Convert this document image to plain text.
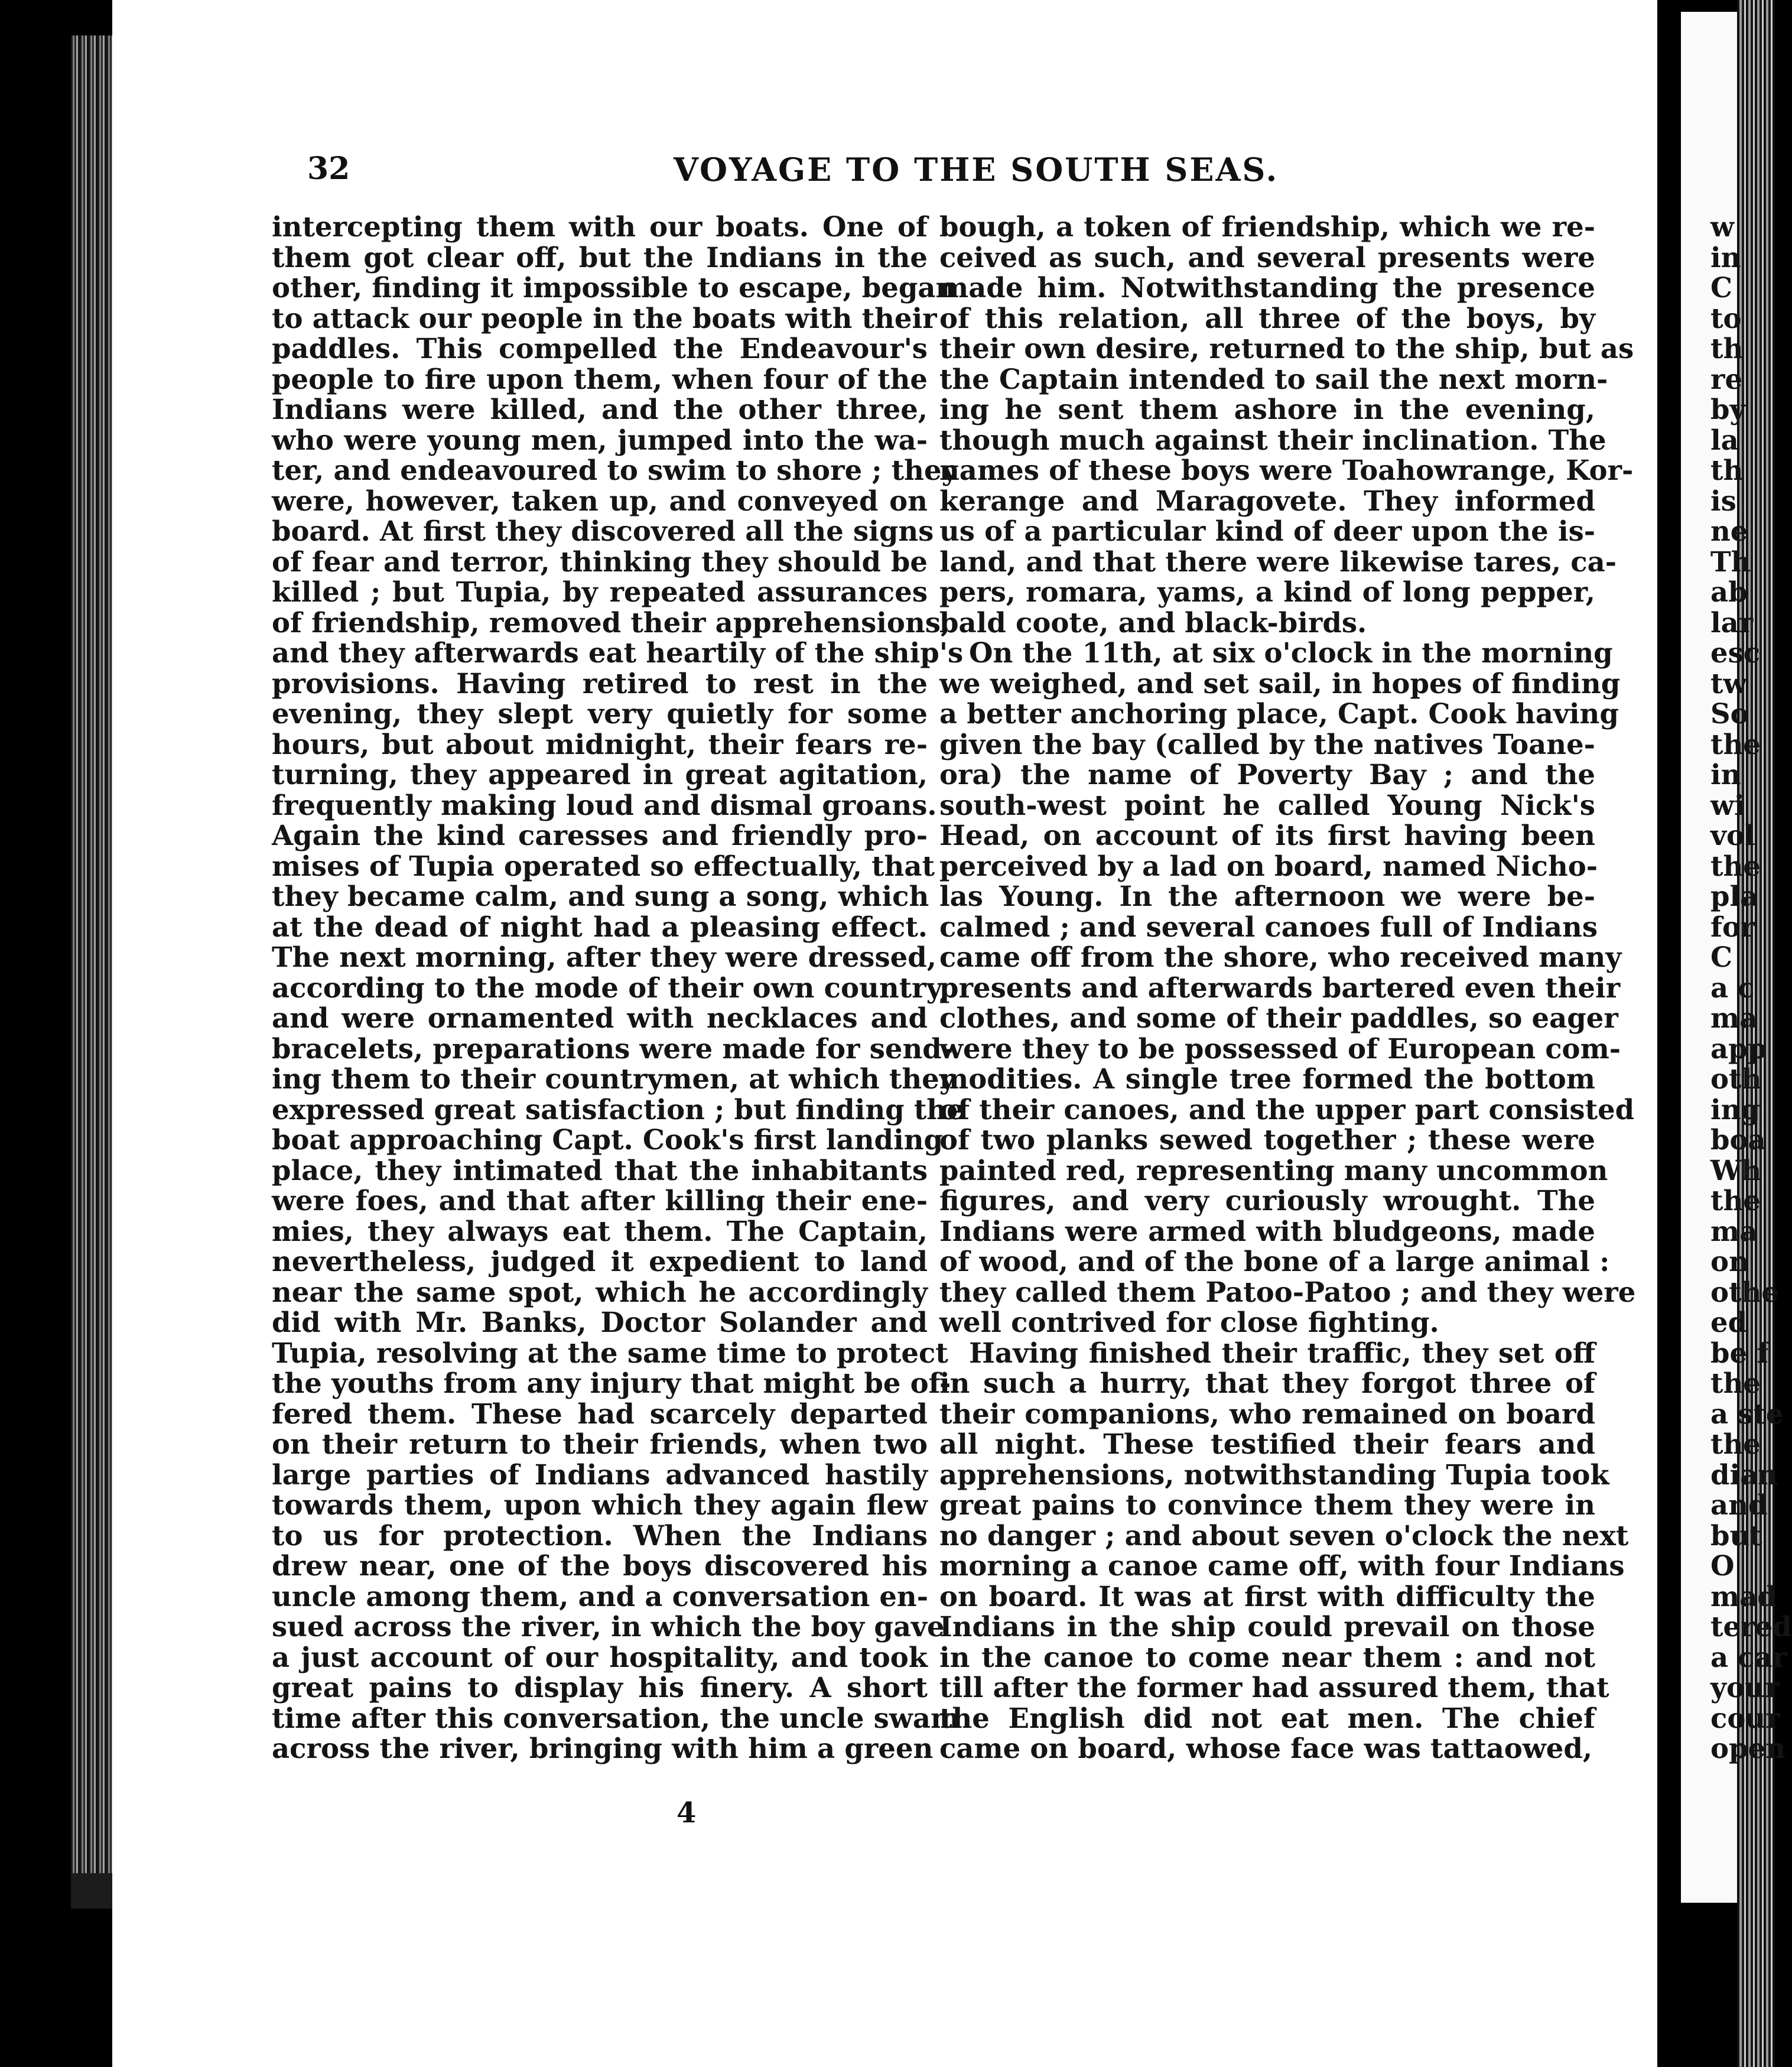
32	VOYAGE TO THE SOUTH SEAS.
intercepting them with our boats. One of
them got clear off, but the Indians in the
other, finding it impossible to escape, began
to attack our people in the boats with their
paddles. This compelled the Endeavour's
people to fire upon them, when four of the
Indians were killed, and the other three,
who were young men, jumped into the wa-
ter, and endeavoured to swim to shore ; they
were, however, taken up, and conveyed on
board. At first they discovered all the signs
of fear and terror, thinking they should be
killed ; but Tupia, by repeated assurances
of friendship, removed their apprehensions,
and they afterwards eat heartily of the ship's
provisions. Having retired to rest in the
evening, they slept very quietly for some
hours, but about midnight, their fears re-
turning, they appeared in great agitation,
frequently making loud and dismal groans.
Again the kind caresses and friendly pro-
mises of Tupia operated so effectually, that
they became calm, and sung a song, which
at the dead of night had a pleasing effect.
The next morning, after they were dressed,
according to the mode of their own country,
and were ornamented with necklaces and
bracelets, preparations were made for send-
ing them to their countrymen, at which they
expressed great satisfaction ; but finding the
boat approaching Capt. Cook's first landing
place, they intimated that the inhabitants
were foes, and that after killing their ene-
mies, they always eat them. The Captain,
nevertheless, judged it expedient to land
near the same spot, which he accordingly
did with Mr. Banks, Doctor Solander and
Tupia, resolving at the same time to protect
the youths from any injury that might be of-
fered them. These had scarcely departed
on their return to their friends, when two
large parties of Indians advanced hastily
towards them, upon which they again flew
to us for protection. When the Indians
drew near, one of the boys discovered his
uncle among them, and a conversation en-
sued across the river, in which the boy gave
a just account of our hospitality, and took
great pains to display his finery. A short
time after this conversation, the uncle swam
across the river, bringing with him a green
bough, a token of friendship, which we re-
ceived as such, and several presents were
made him. Notwithstanding the presence
of this relation, all three of the boys, by
their own desire, returned to the ship, but as
the Captain intended to sail the next morn-
ing he sent them ashore in the evening,
though much against their inclination. The
names of these boys were Toahowrange, Kor-
kerange and Maragovete. They informed
us of a particular kind of deer upon the is-
land, and that there were likewise tares, ca-
pers, romara, yams, a kind of long pepper,
bald coote, and black-birds.
On the 11th, at six o'clock in the morning
we weighed, and set sail, in hopes of finding
a better anchoring place, Capt. Cook having
given the bay (called by the natives Toane-
ora) the name of Poverty Bay ; and the
south-west point he called Young Nick's
Head, on account of its first having been
perceived by a lad on board, named Nicho-
las Young. In the afternoon we were be-
calmed ; and several canoes full of Indians
came off from the shore, who received many
presents and afterwards bartered even their
clothes, and some of their paddles, so eager
were they to be possessed of European com-
modities. A single tree formed the bottom
of their canoes, and the upper part consisted
of two planks sewed together ; these were
painted red, representing many uncommon
figures, and very curiously wrought. The
Indians were armed with bludgeons, made
of wood, and of the bone of a large animal :
they called them Patoo-Patoo ; and they were
well contrived for close fighting.
Having finished their traffic, they set off
in such a hurry, that they forgot three of
their companions, who remained on board
all night. These testified their fears and
apprehensions, notwithstanding Tupia took
great pains to convince them they were in
no danger ; and about seven o'clock the next
morning a canoe came off, with four Indians
on board. It was at first with difficulty the
Indians in the ship could prevail on those
in the canoe to come near them : and not
till after the former had assured them, that
the English did not eat men. The chief
came on board, whose face was tattaowed,
4
w
in
C
to
th
re
by
la
th
is
ne
Th
ab
lar
esc
tw
So
the
in
wi
vol
the
pla
for
C
a c
ma
app
oth
ing
boa
Wh
the
ma
on
othe
ed
be f
the
a ste
the
dian
and
but
O
mad
tered
a car
your
cour
open
